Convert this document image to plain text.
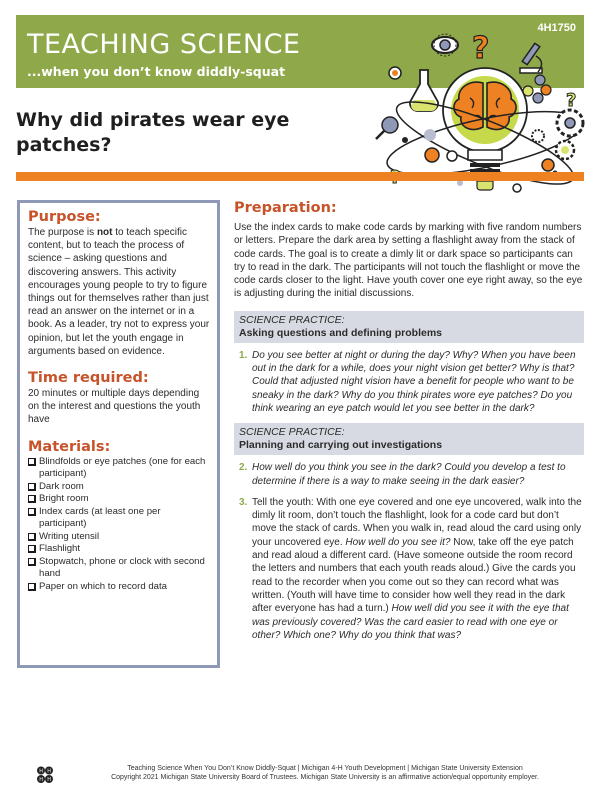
TEACHING SCIENCE
...when you don’t know diddly-squat
4H1750
?
?
Why did pirates wear eye patches?
Purpose:

The purpose is not to teach specific content, but to teach the process of science – asking questions and discovering answers. This activity encourages young people to try to figure things out for themselves rather than just read an answer on the internet or in a book. As a leader, try not to express your opinion, but let the youth engage in arguments based on evidence.

Time required:

20 minutes or multiple days depending on the interest and questions the youth have

Materials:
Blindfolds or eye patches (one for each participant)
Dark room
Bright room
Index cards (at least one per participant)
Writing utensil
Flashlight
Stopwatch, phone or clock with second hand
Paper on which to record data
Preparation:

Use the index cards to make code cards by marking with five random numbers or letters. Prepare the dark area by setting a flashlight away from the stack of code cards. The goal is to create a dimly lit or dark space so participants can try to read in the dark. The participants will not touch the flashlight or move the code cards closer to the light. Have youth cover one eye right away, so the eye is adjusting during the initial discussions.

SCIENCE PRACTICE:
Asking questions and defining problems
1. Do you see better at night or during the day? Why? When you have been out in the dark for a while, does your night vision get better? Why is that? Could that adjusted night vision have a benefit for people who want to be sneaky in the dark? Why do you think pirates wore eye patches? Do you think wearing an eye patch would let you see better in the dark?
SCIENCE PRACTICE:
Planning and carrying out investigations
2. How well do you think you see in the dark? Could you develop a test to determine if there is a way to make seeing in the dark easier?
3. Tell the youth: With one eye covered and one eye uncovered, walk into the dimly lit room, don’t touch the flashlight, look for a code card but don’t move the stack of cards. When you walk in, read aloud the card using only your uncovered eye. How well do you see it? Now, take off the eye patch and read aloud a different card. (Have someone outside the room record the letters and numbers that each youth reads aloud.) Give the cards you read to the recorder when you come out so they can record what was written. (Youth will have time to consider how well they read in the dark after everyone has had a turn.) How well did you see it with the eye that was previously covered? Was the card easier to read with one eye or other? Which one? Why do you think that was?
H H
H H
Teaching Science When You Don’t Know Diddly-Squat | Michigan 4-H Youth Development | Michigan State University Extension
Copyright 2021 Michigan State University Board of Trustees. Michigan State University is an affirmative action/equal opportunity employer.
